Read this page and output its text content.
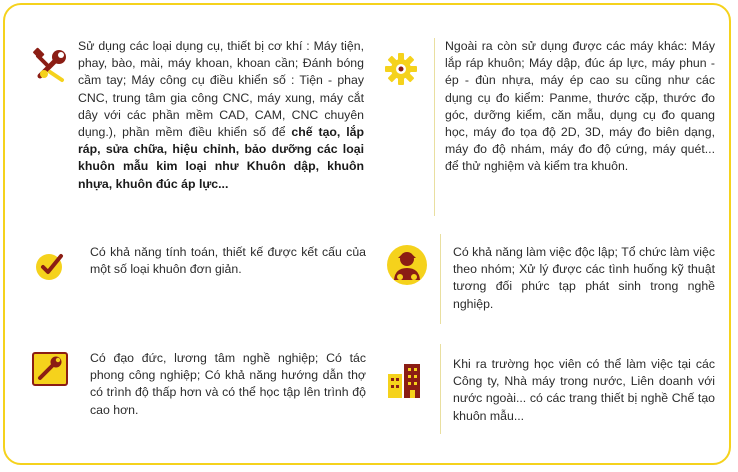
Sử dụng các loại dụng cụ, thiết bị cơ khí : Máy tiện, phay, bào, mài, máy khoan, khoan cần; Đánh bóng cầm tay; Máy công cụ điều khiển số : Tiện - phay CNC, trung tâm gia công CNC, máy xung, máy cắt dây với các phần mềm CAD, CAM, CNC chuyên dụng.), phần mềm điều khiển số để chế tạo, lắp ráp, sửa chữa, hiệu chỉnh, bảo dưỡng các loại khuôn mẫu kim loại như Khuôn dập, khuôn nhựa, khuôn đúc áp lực...

Ngoài ra còn sử dụng được các máy khác: Máy lắp ráp khuôn; Máy dập, đúc áp lực, máy phun - ép - đùn nhựa, máy ép cao su cũng như các dụng cụ đo kiểm: Panme, thước cặp, thước đo góc, dưỡng kiểm, căn mẫu, dụng cụ đo quang học, máy đo tọa độ 2D, 3D, máy đo biên dạng, máy đo độ nhám, máy đo độ cứng, máy quét... để thử nghiệm và kiểm tra khuôn.

Có khả năng tính toán, thiết kế được kết cấu của một số loại khuôn đơn giản.

Có khả năng làm việc độc lập; Tổ chức làm việc theo nhóm; Xử lý được các tình huống kỹ thuật tương đối phức tạp phát sinh trong nghề nghiệp.

Có đạo đức, lương tâm nghề nghiệp; Có tác phong công nghiệp; Có khả năng hướng dẫn thợ có trình độ thấp hơn và có thể học tập lên trình độ cao hơn.

Khi ra trường học viên có thể làm việc tại các Công ty, Nhà máy trong nước, Liên doanh với nước ngoài... có các trang thiết bị nghề Chế tạo khuôn mẫu...
